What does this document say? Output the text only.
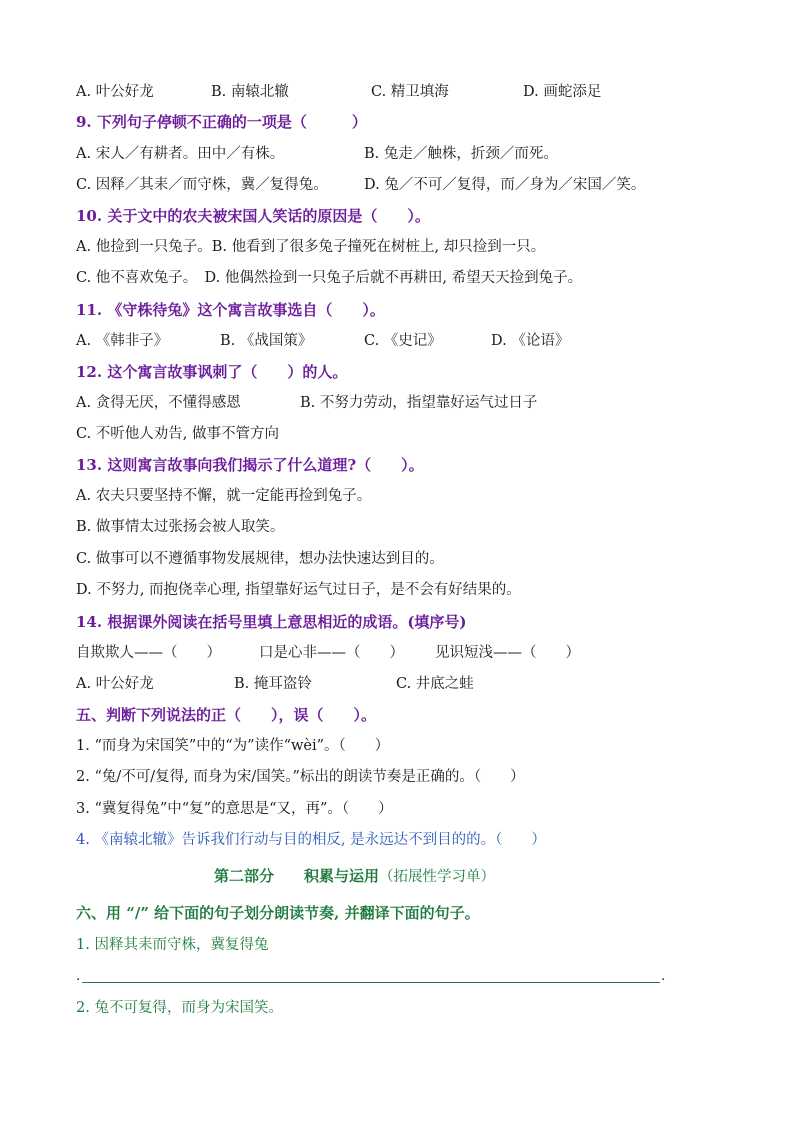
A. 叶公好龙	B. 南辕北辙	C. 精卫填海	D. 画蛇添足
9. 下列句子停顿不正确的一项是（　　　）
A. 宋人／有耕者。田中／有株。	B. 兔走／触株，折颈／而死。
C. 因释／其耒／而守株，冀／复得兔。 D. 兔／不可／复得，而／身为／宋国／笑。
10. 关于文中的农夫被宋国人笑话的原因是（　　）。
A. 他捡到一只兔子。B. 他看到了很多兔子撞死在树桩上, 却只捡到一只。
C. 他不喜欢兔子。　D. 他偶然捡到一只兔子后就不再耕田, 希望天天捡到兔子。
11. 《守株待兔》这个寓言故事选自（　　）。
A. 《韩非子》	B. 《战国策》	C. 《史记》	D. 《论语》
12. 这个寓言故事讽刺了（　　）的人。
A. 贪得无厌，不懂得感恩	B. 不努力劳动，指望靠好运气过日子
C. 不听他人劝告, 做事不管方向
13. 这则寓言故事向我们揭示了什么道理?（　　）。
A. 农夫只要坚持不懈，就一定能再捡到兔子。
B. 做事情太过张扬会被人取笑。
C. 做事可以不遵循事物发展规律，想办法快速达到目的。
D. 不努力, 而抱侥幸心理, 指望靠好运气过日子，是不会有好结果的。
14. 根据课外阅读在括号里填上意思相近的成语。(填序号)
自欺欺人——（　　）	口是心非——（　　） 见识短浅——（　　）
A. 叶公好龙	B. 掩耳盗铃	C. 井底之蛙
五、判断下列说法的正（　　），误（　　）。
1. “而身为宋国笑”中的“为”读作“wèi”。（　　）
2. “兔/不可/复得, 而身为宋/国笑。”标出的朗读节奏是正确的。（　　）
3. “冀复得兔”中“复”的意思是“又，再”。（　　）
4. 《南辕北辙》告诉我们行动与目的相反, 是永远达不到目的的。（　　）
第二部分　　积累与运用（拓展性学习单）
六、用 “/” 给下面的句子划分朗读节奏, 并翻译下面的句子。
1. 因释其耒而守株，冀复得兔
.	.
2. 兔不可复得，而身为宋国笑。
